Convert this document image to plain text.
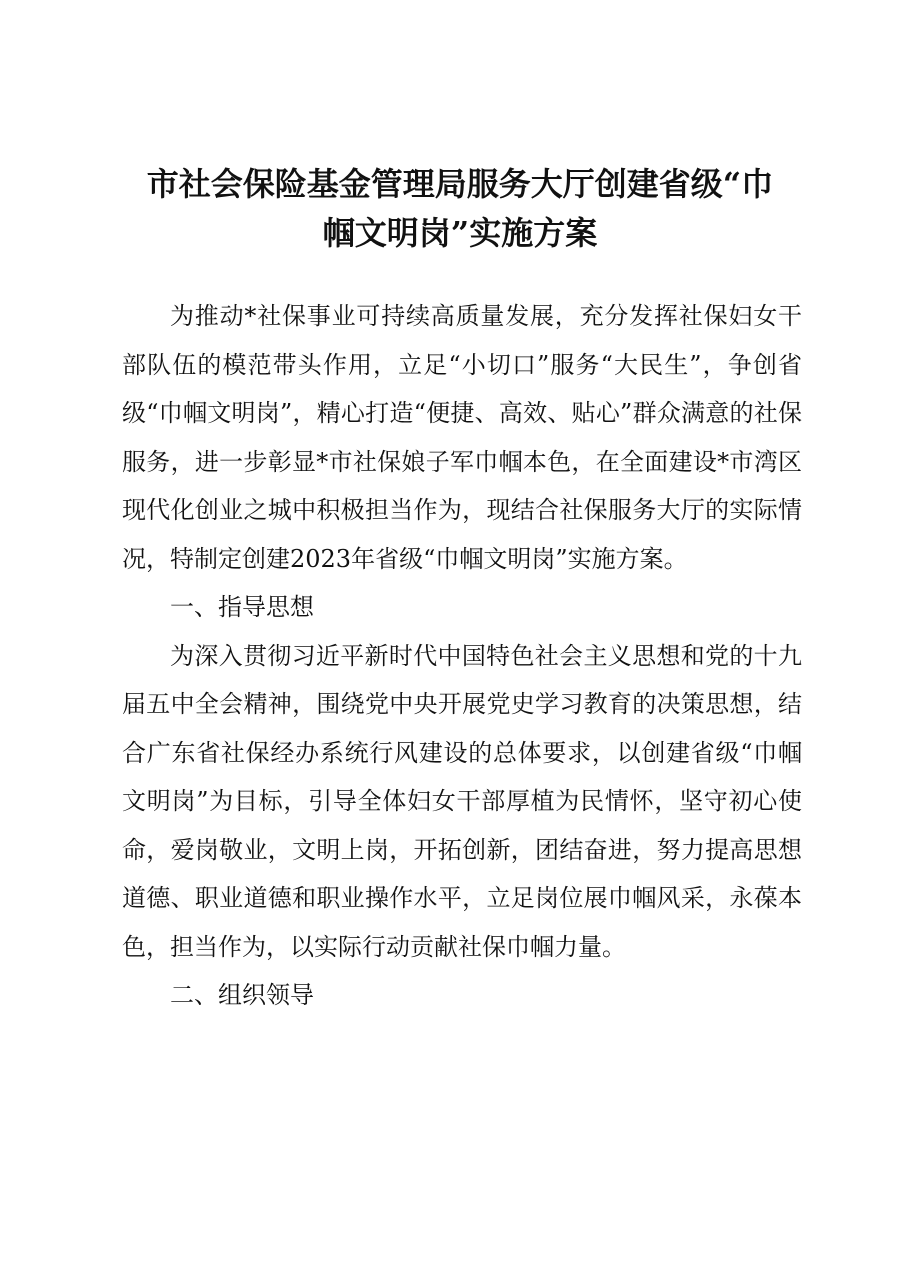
市社会保险基金管理局服务大厅创建省级“巾
帼文明岗”实施方案

为推动*社保事业可持续高质量发展，充分发挥社保妇女干部队伍的模范带头作用，立足“小切口”服务“大民生”，争创省级“巾帼文明岗”，精心打造“便捷、高效、贴心”群众满意的社保服务，进一步彰显*市社保娘子军巾帼本色，在全面建设*市湾区现代化创业之城中积极担当作为，现结合社保服务大厅的实际情况，特制定创建2023年省级“巾帼文明岗”实施方案。

一、指导思想

为深入贯彻习近平新时代中国特色社会主义思想和党的十九届五中全会精神，围绕党中央开展党史学习教育的决策思想，结合广东省社保经办系统行风建设的总体要求，以创建省级“巾帼文明岗”为目标，引导全体妇女干部厚植为民情怀，坚守初心使命，爱岗敬业，文明上岗，开拓创新，团结奋进，努力提高思想道德、职业道德和职业操作水平，立足岗位展巾帼风采，永葆本色，担当作为，以实际行动贡献社保巾帼力量。

二、组织领导
